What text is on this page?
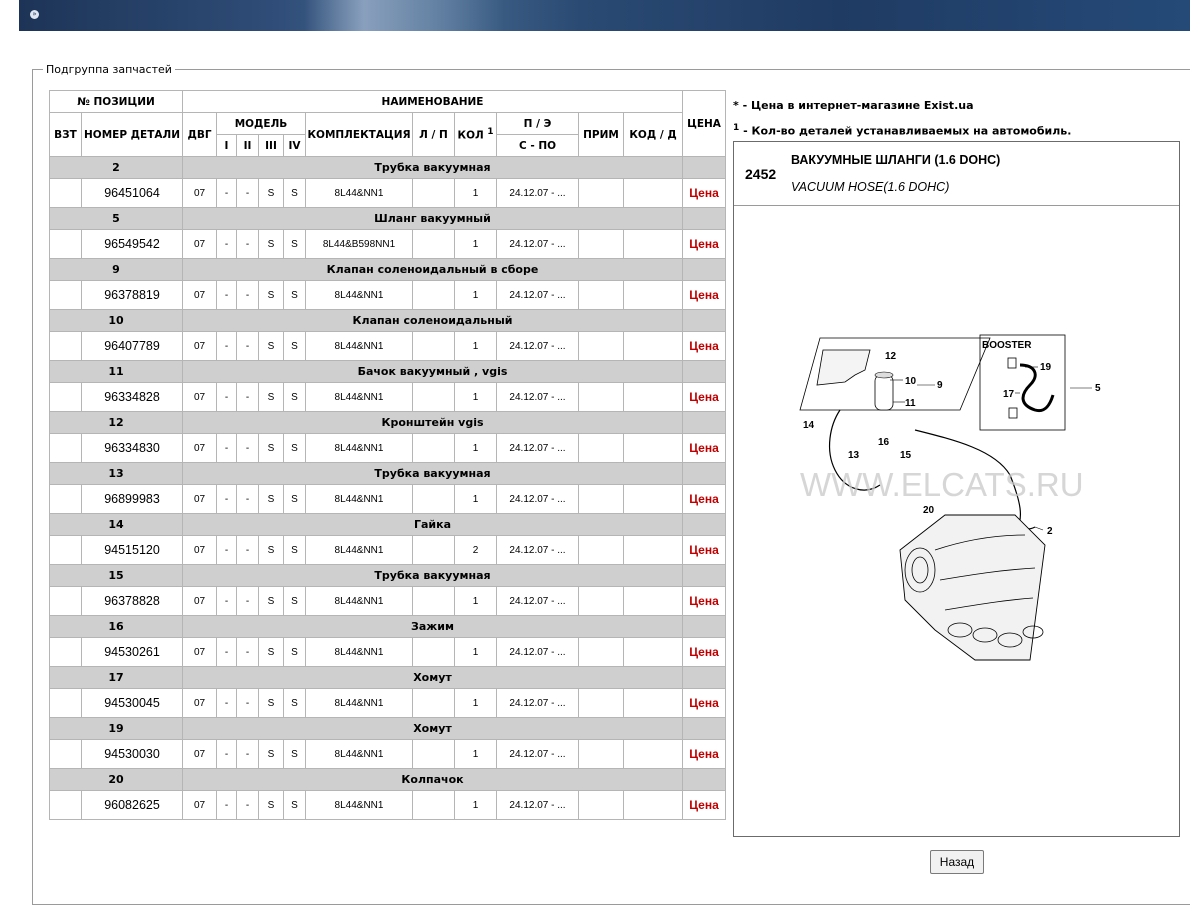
»
Подгруппа запчастей
№ ПОЗИЦИИ		НАИМЕНОВАНИЕ											ЦЕНА
ВЗТ	НОМЕР ДЕТАЛИ	ДВГ	МОДЕЛЬ				КОМПЛЕКТАЦИЯ	Л / П	КОЛ $^1$	П / Э	ПРИМ	КОД / Д	
			I	II	III	IV				С - ПО			
2		Трубка вакуумная											
	96451064	07	-	-	S	S	8L44&NN1		1	24.12.07 - ...			Цена
5		Шланг вакуумный											
	96549542	07	-	-	S	S	8L44&B598NN1		1	24.12.07 - ...			Цена
9		Клапан соленоидальный в сборе											
	96378819	07	-	-	S	S	8L44&NN1		1	24.12.07 - ...			Цена
10		Клапан соленоидальный											
	96407789	07	-	-	S	S	8L44&NN1		1	24.12.07 - ...			Цена
11		Бачок вакуумный , vgis											
	96334828	07	-	-	S	S	8L44&NN1		1	24.12.07 - ...			Цена
12		Кронштейн vgis											
	96334830	07	-	-	S	S	8L44&NN1		1	24.12.07 - ...			Цена
13		Трубка вакуумная											
	96899983	07	-	-	S	S	8L44&NN1		1	24.12.07 - ...			Цена
14		Гайка											
	94515120	07	-	-	S	S	8L44&NN1		2	24.12.07 - ...			Цена
15		Трубка вакуумная											
	96378828	07	-	-	S	S	8L44&NN1		1	24.12.07 - ...			Цена
16		Зажим											
	94530261	07	-	-	S	S	8L44&NN1		1	24.12.07 - ...			Цена
17		Хомут											
	94530045	07	-	-	S	S	8L44&NN1		1	24.12.07 - ...			Цена
19		Хомут											
	94530030	07	-	-	S	S	8L44&NN1		1	24.12.07 - ...			Цена
20		Колпачок											
	96082625	07	-	-	S	S	8L44&NN1		1	24.12.07 - ...			Цена
* - Цена в интернет-магазине Exist.ua
$^1$ - Кол-во деталей устанавливаемых на автомобиль.
2452
ВАКУУМНЫЕ ШЛАНГИ (1.6 DOHC)
VACUUM HOSE(1.6 DOHC)
BOOSTER
12
10 9
11
19
17
5
14
13
16
15
20
2
WWW.ELCATS.RU
Назад
